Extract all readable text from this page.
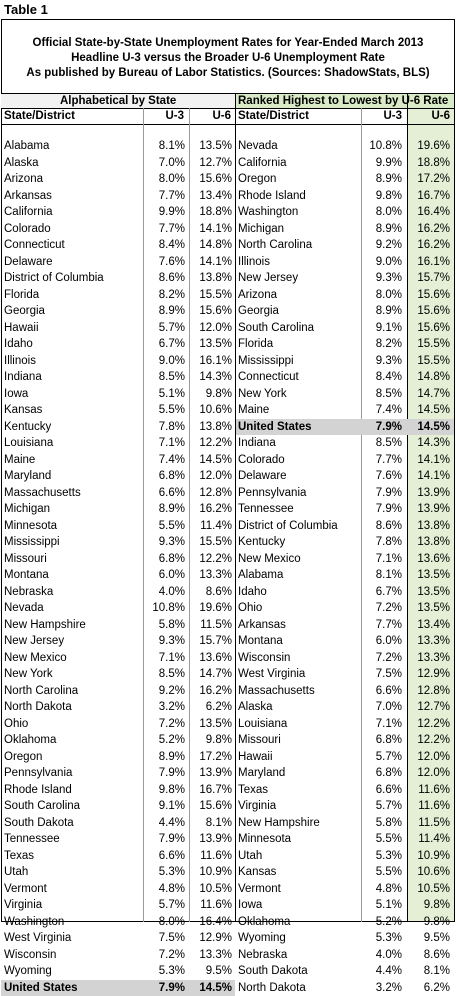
Table 1
Official State-by-State Unemployment Rates for Year-Ended March 2013
Headline U-3 versus the Broader U-6 Unemployment Rate
As published by Bureau of Labor Statistics. (Sources: ShadowStats, BLS)
Alphabetical by State	Ranked Highest to Lowest by U-6 Rate
State/District	U-3	U-6 State/District	U-3	U-6
Alabama	8.1%	13.5%
Alaska	7.0%	12.7%
Arizona	8.0%	15.6%
Arkansas	7.7%	13.4%
California	9.9%	18.8%
Colorado	7.7%	14.1%
Connecticut	8.4%	14.8%
Delaware	7.6%	14.1%
District of Columbia	8.6%	13.8%
Florida	8.2%	15.5%
Georgia	8.9%	15.6%
Hawaii	5.7%	12.0%
Idaho	6.7%	13.5%
Illinois	9.0%	16.1%
Indiana	8.5%	14.3%
Iowa	5.1%	9.8%
Kansas	5.5%	10.6%
Kentucky	7.8%	13.8%
Louisiana	7.1%	12.2%
Maine	7.4%	14.5%
Maryland	6.8%	12.0%
Massachusetts	6.6%	12.8%
Michigan	8.9%	16.2%
Minnesota	5.5%	11.4%
Mississippi	9.3%	15.5%
Missouri	6.8%	12.2%
Montana	6.0%	13.3%
Nebraska	4.0%	8.6%
Nevada	10.8%	19.6%
New Hampshire	5.8%	11.5%
New Jersey	9.3%	15.7%
New Mexico	7.1%	13.6%
New York	8.5%	14.7%
North Carolina	9.2%	16.2%
North Dakota	3.2%	6.2%
Ohio	7.2%	13.5%
Oklahoma	5.2%	9.8%
Oregon	8.9%	17.2%
Pennsylvania	7.9%	13.9%
Rhode Island	9.8%	16.7%
South Carolina	9.1%	15.6%
South Dakota	4.4%	8.1%
Tennessee	7.9%	13.9%
Texas	6.6%	11.6%
Utah	5.3%	10.9%
Vermont	4.8%	10.5%
Virginia	5.7%	11.6%
Washington	8.0%	16.4%
West Virginia	7.5%	12.9%
Wisconsin	7.2%	13.3%
Wyoming	5.3%	9.5%
United States	7.9%	14.5%
Nevada	10.8%	19.6%
California	9.9%	18.8%
Oregon	8.9%	17.2%
Rhode Island	9.8%	16.7%
Washington	8.0%	16.4%
Michigan	8.9%	16.2%
North Carolina	9.2%	16.2%
Illinois	9.0%	16.1%
New Jersey	9.3%	15.7%
Arizona	8.0%	15.6%
Georgia	8.9%	15.6%
South Carolina	9.1%	15.6%
Florida	8.2%	15.5%
Mississippi	9.3%	15.5%
Connecticut	8.4%	14.8%
New York	8.5%	14.7%
Maine	7.4%	14.5%
United States	7.9%	14.5%
Indiana	8.5%	14.3%
Colorado	7.7%	14.1%
Delaware	7.6%	14.1%
Pennsylvania	7.9%	13.9%
Tennessee	7.9%	13.9%
District of Columbia	8.6%	13.8%
Kentucky	7.8%	13.8%
New Mexico	7.1%	13.6%
Alabama	8.1%	13.5%
Idaho	6.7%	13.5%
Ohio	7.2%	13.5%
Arkansas	7.7%	13.4%
Montana	6.0%	13.3%
Wisconsin	7.2%	13.3%
West Virginia	7.5%	12.9%
Massachusetts	6.6%	12.8%
Alaska	7.0%	12.7%
Louisiana	7.1%	12.2%
Missouri	6.8%	12.2%
Hawaii	5.7%	12.0%
Maryland	6.8%	12.0%
Texas	6.6%	11.6%
Virginia	5.7%	11.6%
New Hampshire	5.8%	11.5%
Minnesota	5.5%	11.4%
Utah	5.3%	10.9%
Kansas	5.5%	10.6%
Vermont	4.8%	10.5%
Iowa	5.1%	9.8%
Oklahoma	5.2%	9.8%
Wyoming	5.3%	9.5%
Nebraska	4.0%	8.6%
South Dakota	4.4%	8.1%
North Dakota	3.2%	6.2%
